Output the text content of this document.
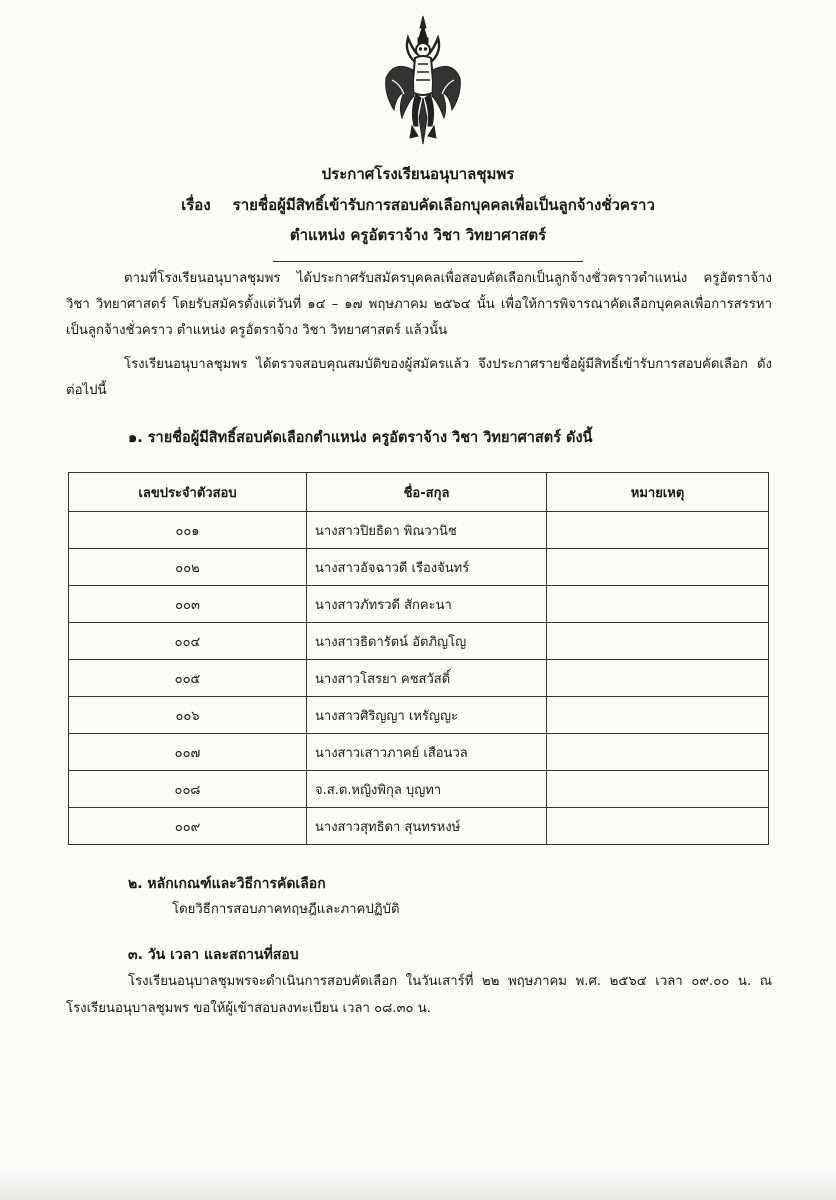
ประกาศโรงเรียนอนุบาลชุมพร
เรื่อง รายชื่อผู้มีสิทธิ์เข้ารับการสอบคัดเลือกบุคคลเพื่อเป็นลูกจ้างชั่วคราว
ตำแหน่ง ครูอัตราจ้าง วิชา วิทยาศาสตร์
ตามที่โรงเรียนอนุบาลชุมพร ได้ประกาศรับสมัครบุคคลเพื่อสอบคัดเลือกเป็นลูกจ้างชั่วคราวตำแหน่ง ครูอัตราจ้าง วิชา วิทยาศาสตร์ โดยรับสมัครตั้งแต่วันที่ ๑๔ – ๑๗ พฤษภาคม ๒๕๖๔ นั้น เพื่อให้การพิจารณาคัดเลือกบุคคลเพื่อการสรรหาเป็นลูกจ้างชั่วคราว ตำแหน่ง ครูอัตราจ้าง วิชา วิทยาศาสตร์ แล้วนั้น
โรงเรียนอนุบาลชุมพร ได้ตรวจสอบคุณสมบัติของผู้สมัครแล้ว จึงประกาศรายชื่อผู้มีสิทธิ์เข้ารับการสอบคัดเลือก ดังต่อไปนี้
๑. รายชื่อผู้มีสิทธิ์สอบคัดเลือกตำแหน่ง ครูอัตราจ้าง วิชา วิทยาศาสตร์ ดังนี้
เลขประจำตัวสอบ	ชื่อ-สกุล	หมายเหตุ
๐๐๑	นางสาวปิยธิดา พิณวานิช	
๐๐๒	นางสาวอัจฉาวดี เรืองจันทร์	
๐๐๓	นางสาวภัทรวดี สักคะนา	
๐๐๔	นางสาวธิดารัตน์ อัตภิญโญ	
๐๐๕	นางสาวโสรยา คชสวัสดิ์	
๐๐๖	นางสาวศิริญญา เหรัญญะ	
๐๐๗	นางสาวเสาวภาคย์ เสือนวล	
๐๐๘	จ.ส.ต.หญิงพิกุล บุญทา	
๐๐๙	นางสาวสุทธิดา สุนทรหงษ์	
๒. หลักเกณฑ์และวิธีการคัดเลือก
โดยวิธีการสอบภาคทฤษฎีและภาคปฏิบัติ
๓. วัน เวลา และสถานที่สอบ
โรงเรียนอนุบาลชุมพรจะดำเนินการสอบคัดเลือก ในวันเสาร์ที่ ๒๒ พฤษภาคม พ.ศ. ๒๕๖๔ เวลา ๐๙.๐๐ น. ณ โรงเรียนอนุบาลชุมพร ขอให้ผู้เข้าสอบลงทะเบียน เวลา ๐๘.๓๐ น.
